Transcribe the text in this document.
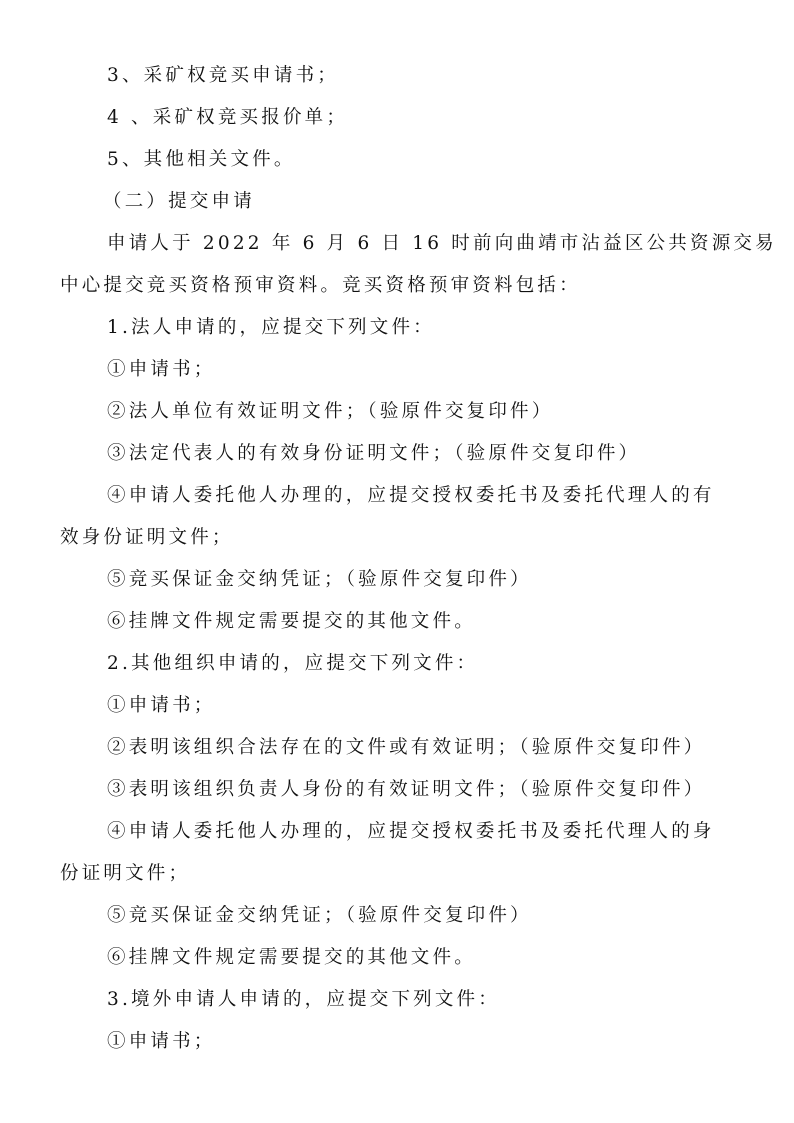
3、采矿权竞买申请书；
4 、采矿权竞买报价单；
5、其他相关文件。
（二）提交申请
申请人于 2022 年 6 月 6 日 16 时前向曲靖市沾益区公共资源交易
中心提交竞买资格预审资料。竞买资格预审资料包括：
1.法人申请的，应提交下列文件：
①申请书；
②法人单位有效证明文件；（验原件交复印件）
③法定代表人的有效身份证明文件；（验原件交复印件）
④申请人委托他人办理的，应提交授权委托书及委托代理人的有
效身份证明文件；
⑤竞买保证金交纳凭证；（验原件交复印件）
⑥挂牌文件规定需要提交的其他文件。
2.其他组织申请的，应提交下列文件：
①申请书；
②表明该组织合法存在的文件或有效证明；（验原件交复印件）
③表明该组织负责人身份的有效证明文件；（验原件交复印件）
④申请人委托他人办理的，应提交授权委托书及委托代理人的身
份证明文件；
⑤竞买保证金交纳凭证；（验原件交复印件）
⑥挂牌文件规定需要提交的其他文件。
3.境外申请人申请的，应提交下列文件：
①申请书；
